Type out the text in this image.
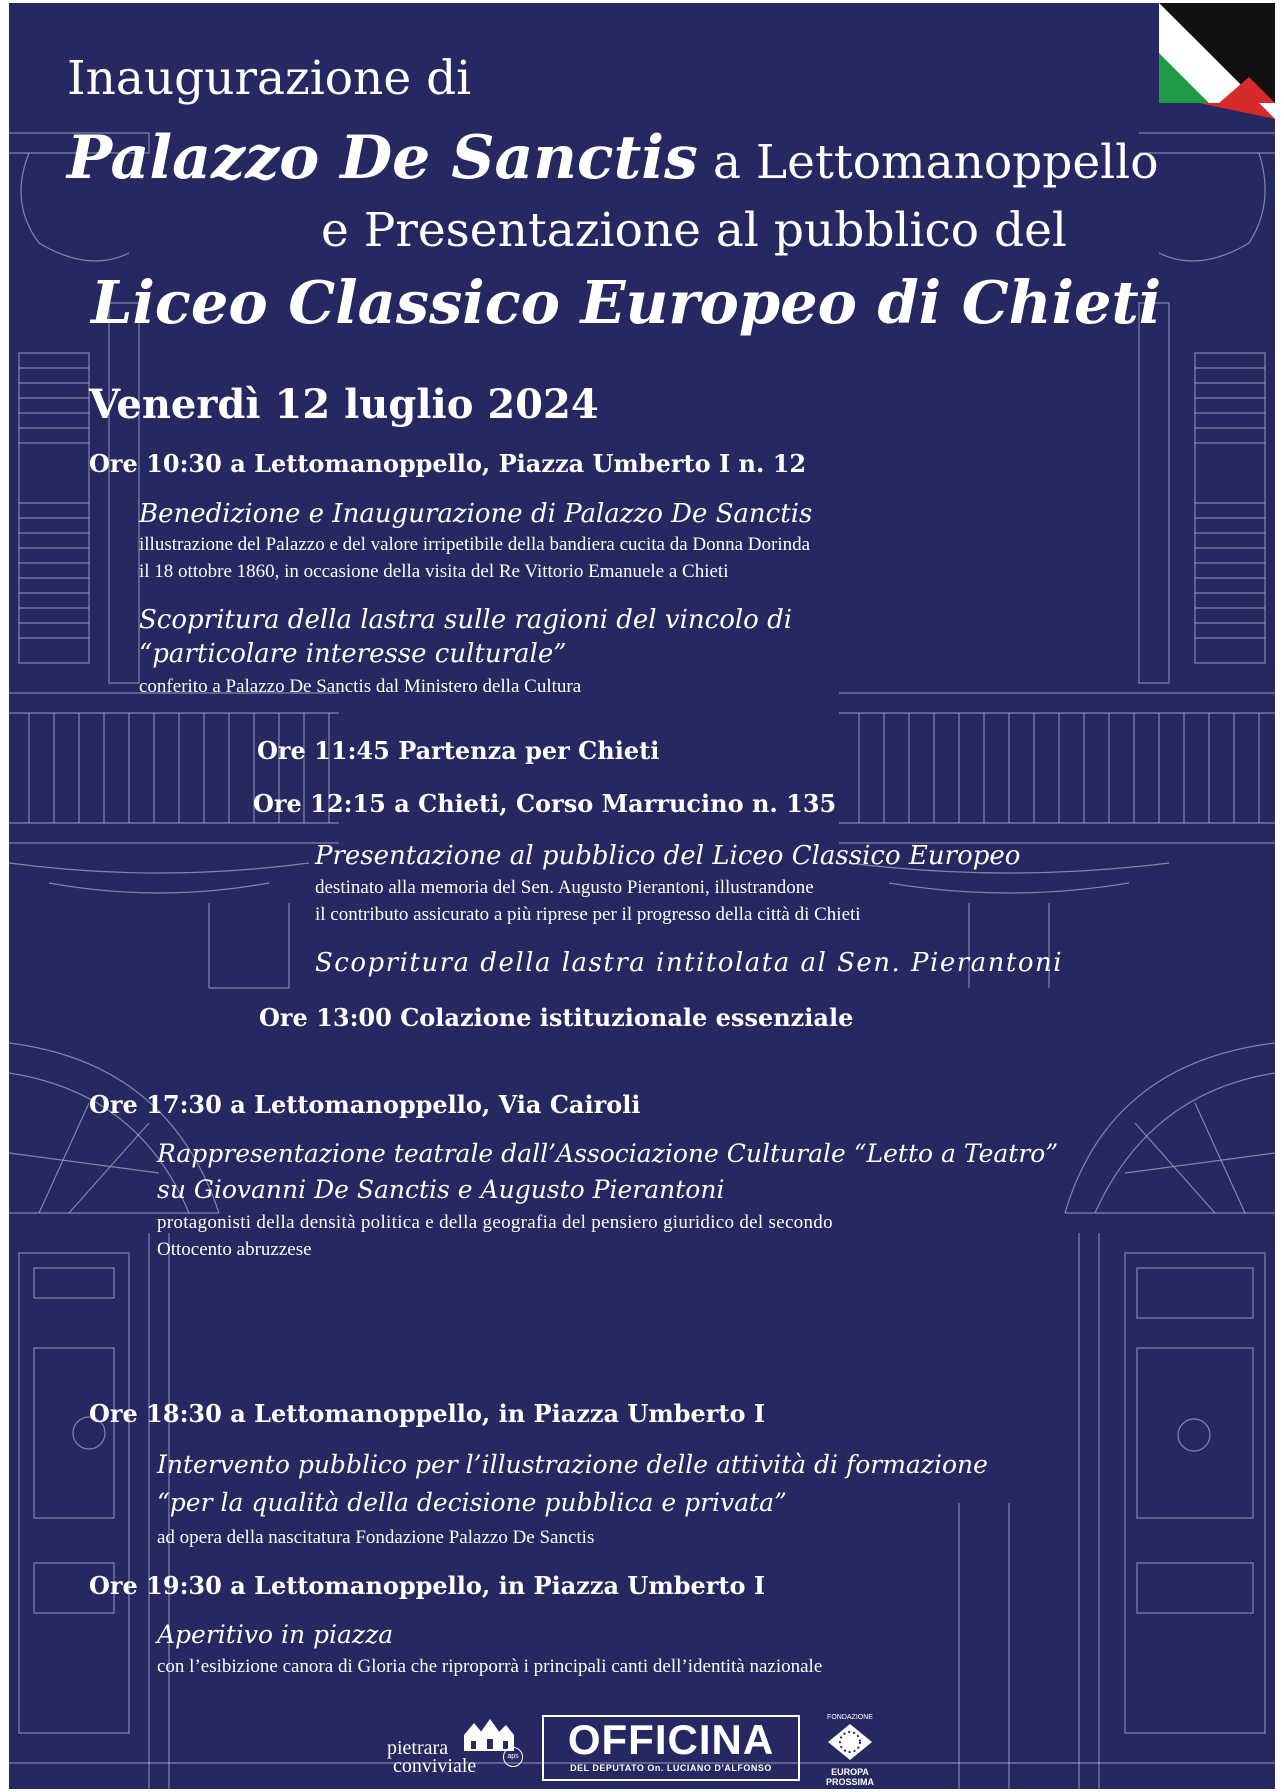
Inaugurazione di
Palazzo De Sanctis a Lettomanoppello
e Presentazione al pubblico del
Liceo Classico Europeo di Chieti
Venerdì 12 luglio 2024
Ore 10:30 a Lettomanoppello, Piazza Umberto I n. 12
Benedizione e Inaugurazione di Palazzo De Sanctis
illustrazione del Palazzo e del valore irripetibile della bandiera cucita da Donna Dorinda
il 18 ottobre 1860, in occasione della visita del Re Vittorio Emanuele a Chieti
Scopritura della lastra sulle ragioni del vincolo di
“particolare interesse culturale”
conferito a Palazzo De Sanctis dal Ministero della Cultura
Ore 11:45 Partenza per Chieti
Ore 12:15 a Chieti, Corso Marrucino n. 135
Presentazione al pubblico del Liceo Classico Europeo
destinato alla memoria del Sen. Augusto Pierantoni, illustrandone
il contributo assicurato a più riprese per il progresso della città di Chieti
Scopritura della lastra intitolata al Sen. Pierantoni
Ore 13:00 Colazione istituzionale essenziale
Ore 17:30 a Lettomanoppello, Via Cairoli
Rappresentazione teatrale dall’Associazione Culturale “Letto a Teatro”
su Giovanni De Sanctis e Augusto Pierantoni
protagonisti della densità politica e della geografia del pensiero giuridico del secondo
Ottocento abruzzese
Ore 18:30 a Lettomanoppello, in Piazza Umberto I
Intervento pubblico per l’illustrazione delle attività di formazione
“per la qualità della decisione pubblica e privata”
ad opera della nascitatura Fondazione Palazzo De Sanctis
Ore 19:30 a Lettomanoppello, in Piazza Umberto I
Aperitivo in piazza
con l’esibizione canora di Gloria che riproporrà i principali canti dell’identità nazionale
pietrara
conviviale	aps	OFFICINA
DEL DEPUTATO On. LUCIANO D’ALFONSO
FONDAZIONE
EUROPA
PROSSIMA
